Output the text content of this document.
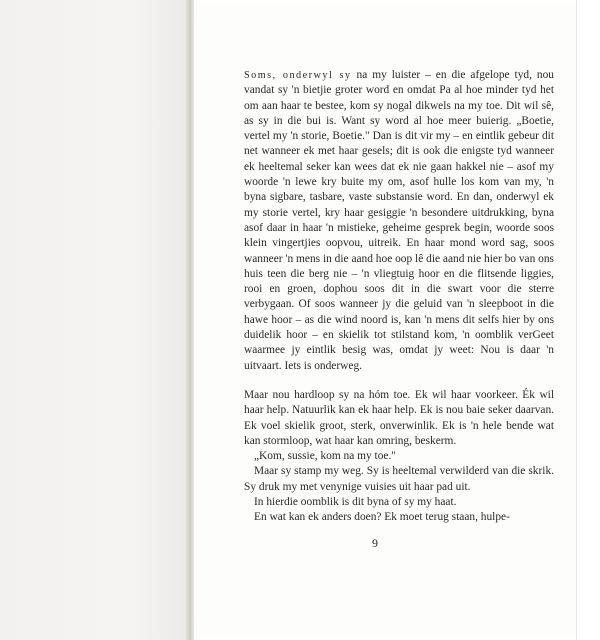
Soms, onderwyl sy na my luister – en die afgelope tyd, nou vandat sy 'n bietjie groter word en omdat Pa al hoe minder tyd het om aan haar te bestee, kom sy nogal dikwels na my toe. Dit wil sê, as sy in die bui is. Want sy word al hoe meer buierig. „Boetie, vertel my 'n storie, Boetie." Dan is dit vir my – en eintlik gebeur dit net wanneer ek met haar gesels; dit is ook die enigste tyd wanneer ek heeltemal seker kan wees dat ek nie gaan hakkel nie – asof my woorde 'n lewe kry buite my om, asof hulle los kom van my, 'n byna sigbare, tasbare, vaste substansie word. En dan, onderwyl ek my storie vertel, kry haar gesiggie 'n besondere uitdrukking, byna asof daar in haar 'n mistieke, geheime gesprek begin, woorde soos klein vingertjies oopvou, uitreik. En haar mond word sag, soos wanneer 'n mens in die aand hoe oop lê die aand nie hier bo van ons huis teen die berg nie – 'n vliegtuig hoor en die flitsende liggies, rooi en groen, dophou soos dit in die swart voor die sterre verbygaan. Of soos wanneer jy die geluid van 'n sleepboot in die hawe hoor – as die wind noord is, kan 'n mens dit selfs hier by ons duidelik hoor – en skielik tot stilstand kom, 'n oomblik verGeet waarmee jy eintlik besig was, omdat jy weet: Nou is daar 'n uitvaart. Iets is onderweg.

Maar nou hardloop sy na hóm toe. Ek wil haar voorkeer. Ék wil haar help. Natuurlik kan ek haar help. Ek is nou baie seker daarvan. Ek voel skielik groot, sterk, onverwinlik. Ek is 'n hele bende wat kan stormloop, wat haar kan omring, beskerm.

„Kom, sussie, kom na my toe."

Maar sy stamp my weg. Sy is heeltemal verwilderd van die skrik. Sy druk my met venynige vuisies uit haar pad uit.

In hierdie oomblik is dit byna of sy my haat.

En wat kan ek anders doen? Ek moet terug staan, hulpe-

9
